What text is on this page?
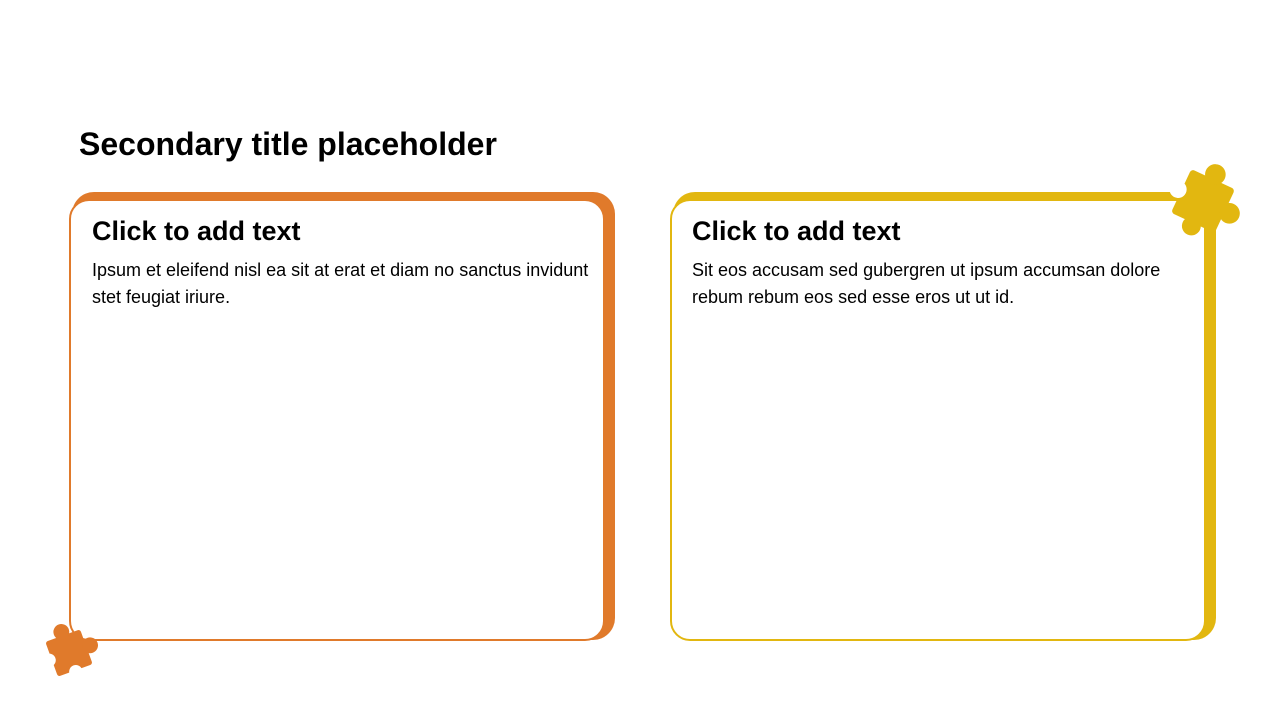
Secondary title placeholder
Click to add text

Ipsum et eleifend nisl ea sit at erat et diam no sanctus invidunt stet feugiat iriure.

Click to add text

Sit eos accusam sed gubergren ut ipsum accumsan dolore rebum rebum eos sed esse eros ut ut id.
